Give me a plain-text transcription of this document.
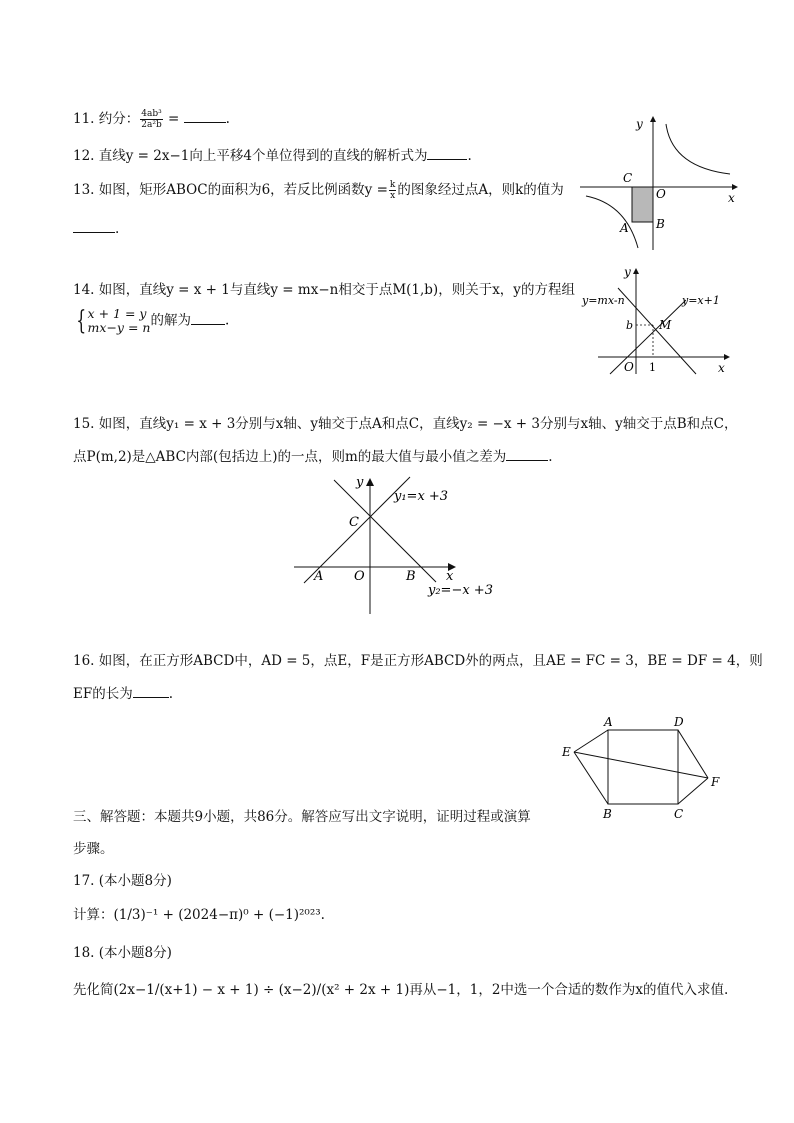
11. 约分： $\frac{\text{4ab³}}{\text{2a²b}}$ =	.
12. 直线y = 2x−1向上平移4个单位得到的直线的解析式为	.
13. 如图，矩形ABOC的面积为6，若反比例函数$y = \frac{k}{x}$ 的图象经过点A，则k的值为
.
y
x
C
O
A B
14. 如图，直线y = x + 1与直线y = mx−n相交于点M(1,b)，则关于x，y的方程组
{ x + 1 = y
mx−y = n 的解为	.
y
x
O 1
b M
y=mx-n	y=x+1
15. 如图，直线y₁ = x + 3分别与x轴、y轴交于点A和点C，直线y₂ = −x + 3分别与x轴、y轴交于点B和点C，
点P(m,2)是△ABC内部(包括边上)的一点，则m的最大值与最小值之差为	.
y
x
C
O
A	B
y₁=x +3
y₂=−x +3
16. 如图，在正方形ABCD中，AD = 5，点E，F是正方形ABCD外的两点，且AE = FC = 3，BE = DF = 4，则
EF的长为	.
A	D
E
F
B	C
三、解答题：本题共9小题，共86分。解答应写出文字说明，证明过程或演算
步骤。
17. (本小题8分)
计算：(1/3)⁻¹ + (2024−π)⁰ + (−1)²⁰²³.
18. (本小题8分)
先化简(2x−1/(x+1) − x + 1) ÷ (x−2)/(x² + 2x + 1)再从−1，1，2中选一个合适的数作为x的值代入求值.
